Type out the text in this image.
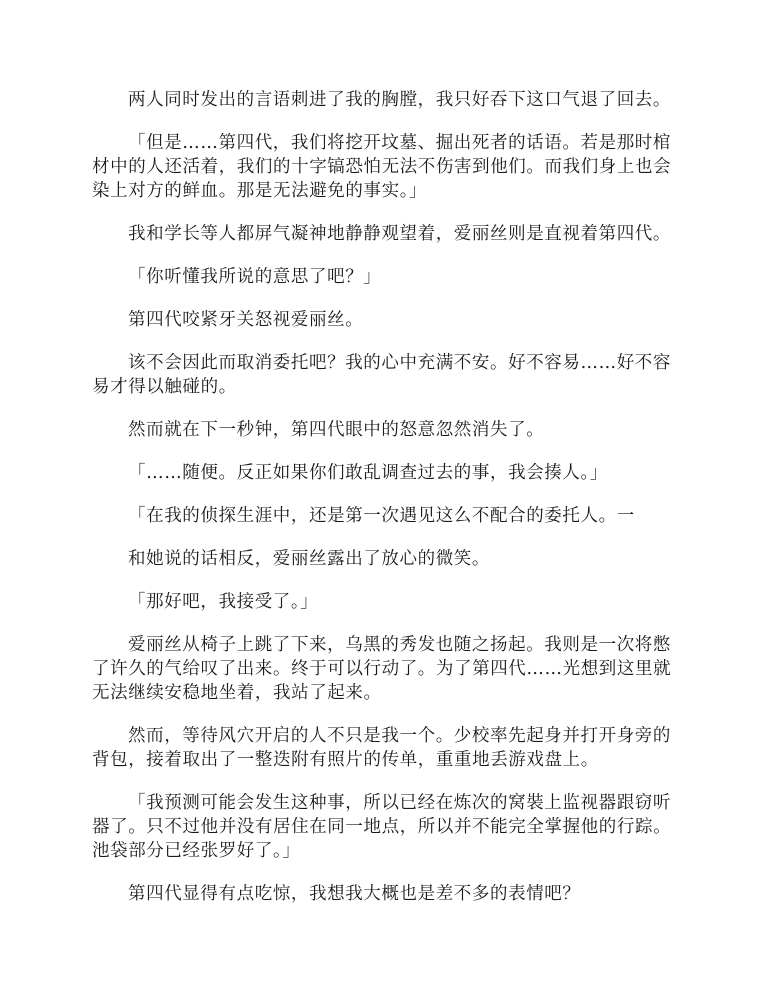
两人同时发出的言语刺进了我的胸膛，我只好吞下这口气退了回去。

「但是……第四代，我们将挖开坟墓、掘出死者的话语。若是那时棺材中的人还活着，我们的十字镐恐怕无法不伤害到他们。而我们身上也会染上对方的鲜血。那是无法避免的事实。」

我和学长等人都屏气凝神地静静观望着，爱丽丝则是直视着第四代。

「你听懂我所说的意思了吧？」

第四代咬紧牙关怒视爱丽丝。

该不会因此而取消委托吧？我的心中充满不安。好不容易……好不容易才得以触碰的。

然而就在下一秒钟，第四代眼中的怒意忽然消失了。

「……随便。反正如果你们敢乱调查过去的事，我会揍人。」

「在我的侦探生涯中，还是第一次遇见这么不配合的委托人。一

和她说的话相反，爱丽丝露出了放心的微笑。

「那好吧，我接受了。」

爱丽丝从椅子上跳了下来，乌黑的秀发也随之扬起。我则是一次将憋了许久的气给叹了出来。终于可以行动了。为了第四代……光想到这里就无法继续安稳地坐着，我站了起来。

然而，等待风穴开启的人不只是我一个。少校率先起身并打开身旁的背包，接着取出了一整迭附有照片的传单，重重地丢游戏盘上。

「我预测可能会发生这种事，所以已经在炼次的窝裝上监视器跟窃听器了。只不过他并没有居住在同一地点，所以并不能完全掌握他的行踪。池袋部分已经张罗好了。」

第四代显得有点吃惊，我想我大概也是差不多的表情吧？
